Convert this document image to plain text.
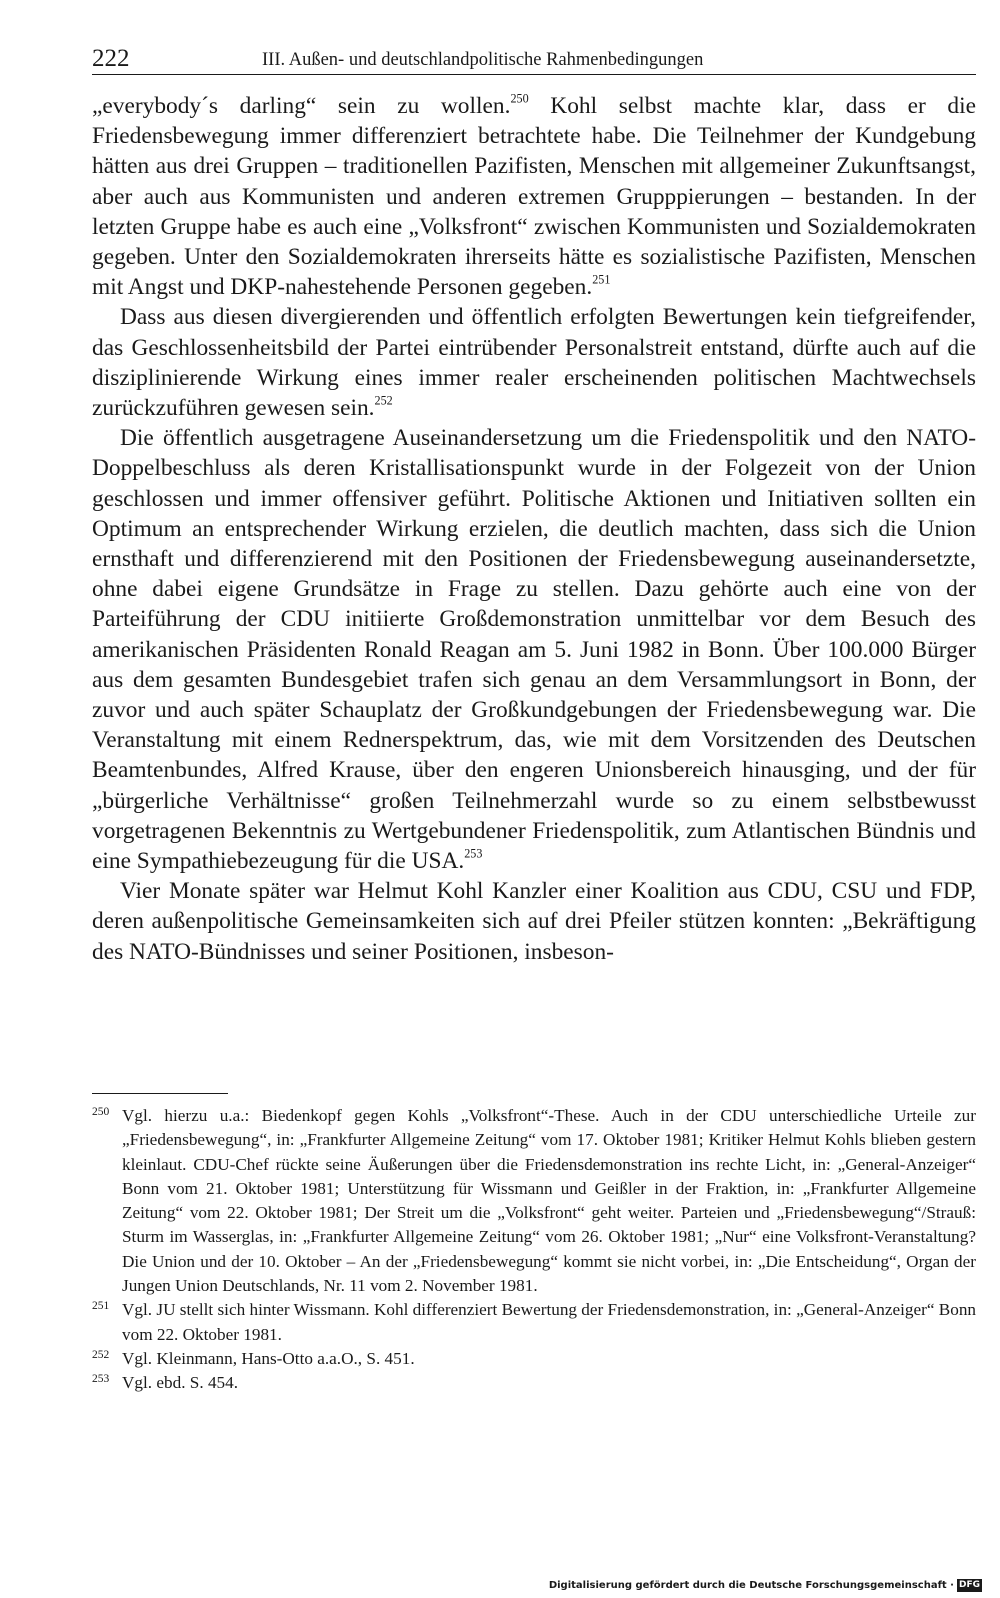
222	III. Außen- und deutschlandpolitische Rahmenbedingungen

„everybody´s darling“ sein zu wollen.$^{250}$ Kohl selbst machte klar, dass er die Friedensbewegung immer differenziert betrachtete habe. Die Teilnehmer der Kundgebung hätten aus drei Gruppen – traditionellen Pazifisten, Menschen mit allgemeiner Zukunftsangst, aber auch aus Kommunisten und anderen extremen Grupppierungen – bestanden. In der letzten Gruppe habe es auch eine „Volksfront“ zwischen Kommunisten und Sozialdemokraten gegeben. Unter den Sozialdemokraten ihrerseits hätte es sozialistische Pazifisten, Menschen mit Angst und DKP-nahestehende Personen gegeben.$^{251}$

Dass aus diesen divergierenden und öffentlich erfolgten Bewertungen kein tiefgreifender, das Geschlossenheitsbild der Partei eintrübender Personalstreit entstand, dürfte auch auf die disziplinierende Wirkung eines immer realer erscheinenden politischen Machtwechsels zurückzuführen gewesen sein.$^{252}$

Die öffentlich ausgetragene Auseinandersetzung um die Friedenspolitik und den NATO-Doppelbeschluss als deren Kristallisationspunkt wurde in der Folgezeit von der Union geschlossen und immer offensiver geführt. Politische Aktionen und Initiativen sollten ein Optimum an entsprechender Wirkung erzielen, die deutlich machten, dass sich die Union ernsthaft und differenzierend mit den Positionen der Friedensbewegung auseinandersetzte, ohne dabei eigene Grundsätze in Frage zu stellen. Dazu gehörte auch eine von der Parteiführung der CDU initiierte Großdemonstration unmittelbar vor dem Besuch des amerikanischen Präsidenten Ronald Reagan am 5. Juni 1982 in Bonn. Über 100.000 Bürger aus dem gesamten Bundesgebiet trafen sich genau an dem Versammlungsort in Bonn, der zuvor und auch später Schauplatz der Großkundgebungen der Friedensbewegung war. Die Veranstaltung mit einem Rednerspektrum, das, wie mit dem Vorsitzenden des Deutschen Beamtenbundes, Alfred Krause, über den engeren Unionsbereich hinausging, und der für „bürgerliche Verhältnisse“ großen Teilnehmerzahl wurde so zu einem selbstbewusst vorgetragenen Bekenntnis zu Wertgebundener Friedenspolitik, zum Atlantischen Bündnis und eine Sympathiebezeugung für die USA.$^{253}$

Vier Monate später war Helmut Kohl Kanzler einer Koalition aus CDU, CSU und FDP, deren außenpolitische Gemeinsamkeiten sich auf drei Pfeiler stützen konnten: „Bekräftigung des NATO-Bündnisses und seiner Positionen, insbeson-

250 Vgl. hierzu u.a.: Biedenkopf gegen Kohls „Volksfront“-These. Auch in der CDU unterschiedliche Urteile zur „Friedensbewegung“, in: „Frankfurter Allgemeine Zeitung“ vom 17. Oktober 1981; Kritiker Helmut Kohls blieben gestern kleinlaut. CDU-Chef rückte seine Äußerungen über die Friedensdemonstration ins rechte Licht, in: „General-Anzeiger“ Bonn vom 21. Oktober 1981; Unterstützung für Wissmann und Geißler in der Fraktion, in: „Frankfurter Allgemeine Zeitung“ vom 22. Oktober 1981; Der Streit um die „Volksfront“ geht weiter. Parteien und „Friedensbewegung“/Strauß: Sturm im Wasserglas, in: „Frankfurter Allgemeine Zeitung“ vom 26. Oktober 1981; „Nur“ eine Volksfront-Veranstaltung? Die Union und der 10. Oktober – An der „Friedensbewegung“ kommt sie nicht vorbei, in: „Die Entscheidung“, Organ der Jungen Union Deutschlands, Nr. 11 vom 2. November 1981.
251 Vgl. JU stellt sich hinter Wissmann. Kohl differenziert Bewertung der Friedensdemonstration, in: „General-Anzeiger“ Bonn vom 22. Oktober 1981.
252 Vgl. Kleinmann, Hans-Otto a.a.O., S. 451.
253 Vgl. ebd. S. 454.
Digitalisierung gefördert durch die Deutsche Forschungsgemeinschaft · DFG
